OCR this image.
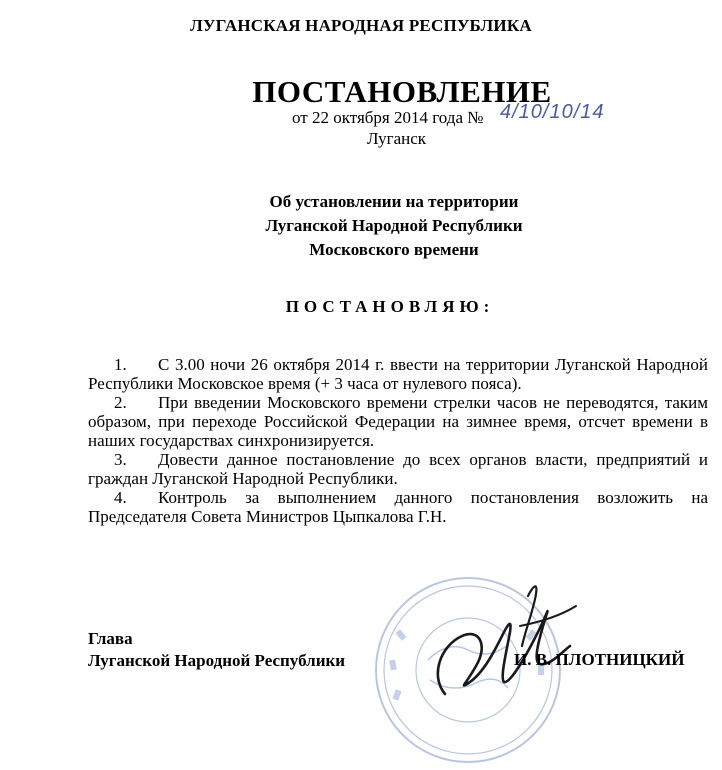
ЛУГАНСКАЯ НАРОДНАЯ РЕСПУБЛИКА
ПОСТАНОВЛЕНИЕ
от 22 октября 2014 года № 4/10/10/14
Луганск
Об установлении на территории
Луганской Народной Республики
Московского времени
ПОСТАНОВЛЯЮ:

1. С 3.00 ночи 26 октября 2014 г. ввести на территории Луганской Народной Республики Московское время (+ 3 часа от нулевого пояса).

2. При введении Московского времени стрелки часов не переводятся, таким образом, при переходе Российской Федерации на зимнее время, отсчет времени в наших государствах синхронизируется.

3. Довести данное постановление до всех органов власти, предприятий и граждан Луганской Народной Республики.

4. Контроль за выполнением данного постановления возложить на Председателя Совета Министров Цыпкалова Г.Н.

Глава
Луганской Народной Республики	И. В. ПЛОТНИЦКИЙ
